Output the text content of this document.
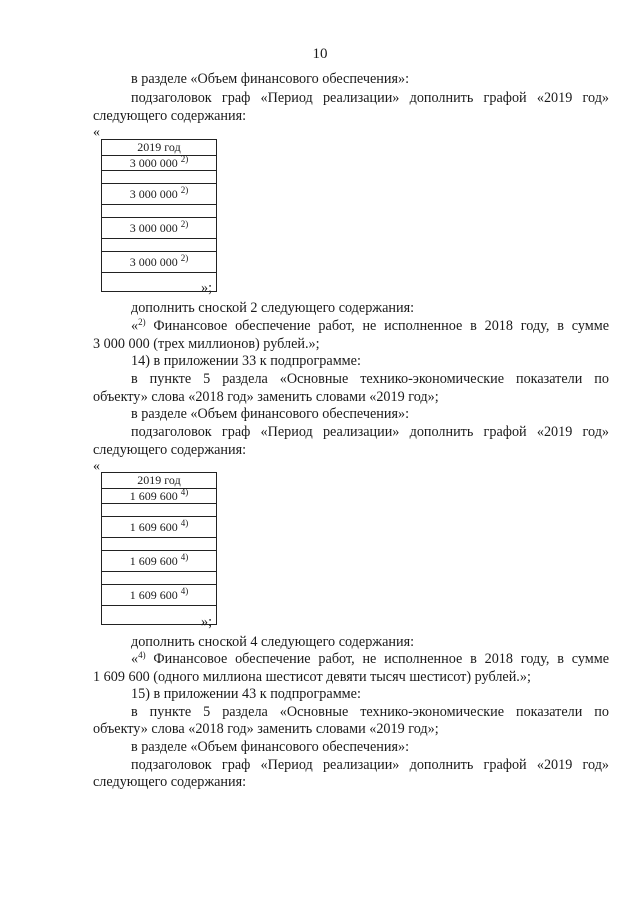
10
в разделе «Объем финансового обеспечения»:
подзаголовок граф «Период реализации» дополнить графой «2019 год»
следующего содержания:
«
2019 год
3 000 000 $^{2)}$
3 000 000 $^{2)}$
3 000 000 $^{2)}$
3 000 000 $^{2)}$
»;
дополнить сноской 2 следующего содержания:
«$^{2)}$ Финансовое обеспечение работ, не исполненное в 2018 году, в сумме
3 000 000 (трех миллионов) рублей.»;
14) в приложении 33 к подпрограмме:
в пункте 5 раздела «Основные технико-экономические показатели по
объекту» слова «2018 год» заменить словами «2019 год»;
в разделе «Объем финансового обеспечения»:
подзаголовок граф «Период реализации» дополнить графой «2019 год»
следующего содержания:
«
2019 год
1 609 600 $^{4)}$
1 609 600 $^{4)}$
1 609 600 $^{4)}$
1 609 600 $^{4)}$
»;
дополнить сноской 4 следующего содержания:
«$^{4)}$ Финансовое обеспечение работ, не исполненное в 2018 году, в сумме
1 609 600 (одного миллиона шестисот девяти тысяч шестисот) рублей.»;
15) в приложении 43 к подпрограмме:
в пункте 5 раздела «Основные технико-экономические показатели по
объекту» слова «2018 год» заменить словами «2019 год»;
в разделе «Объем финансового обеспечения»:
подзаголовок граф «Период реализации» дополнить графой «2019 год»
следующего содержания:
